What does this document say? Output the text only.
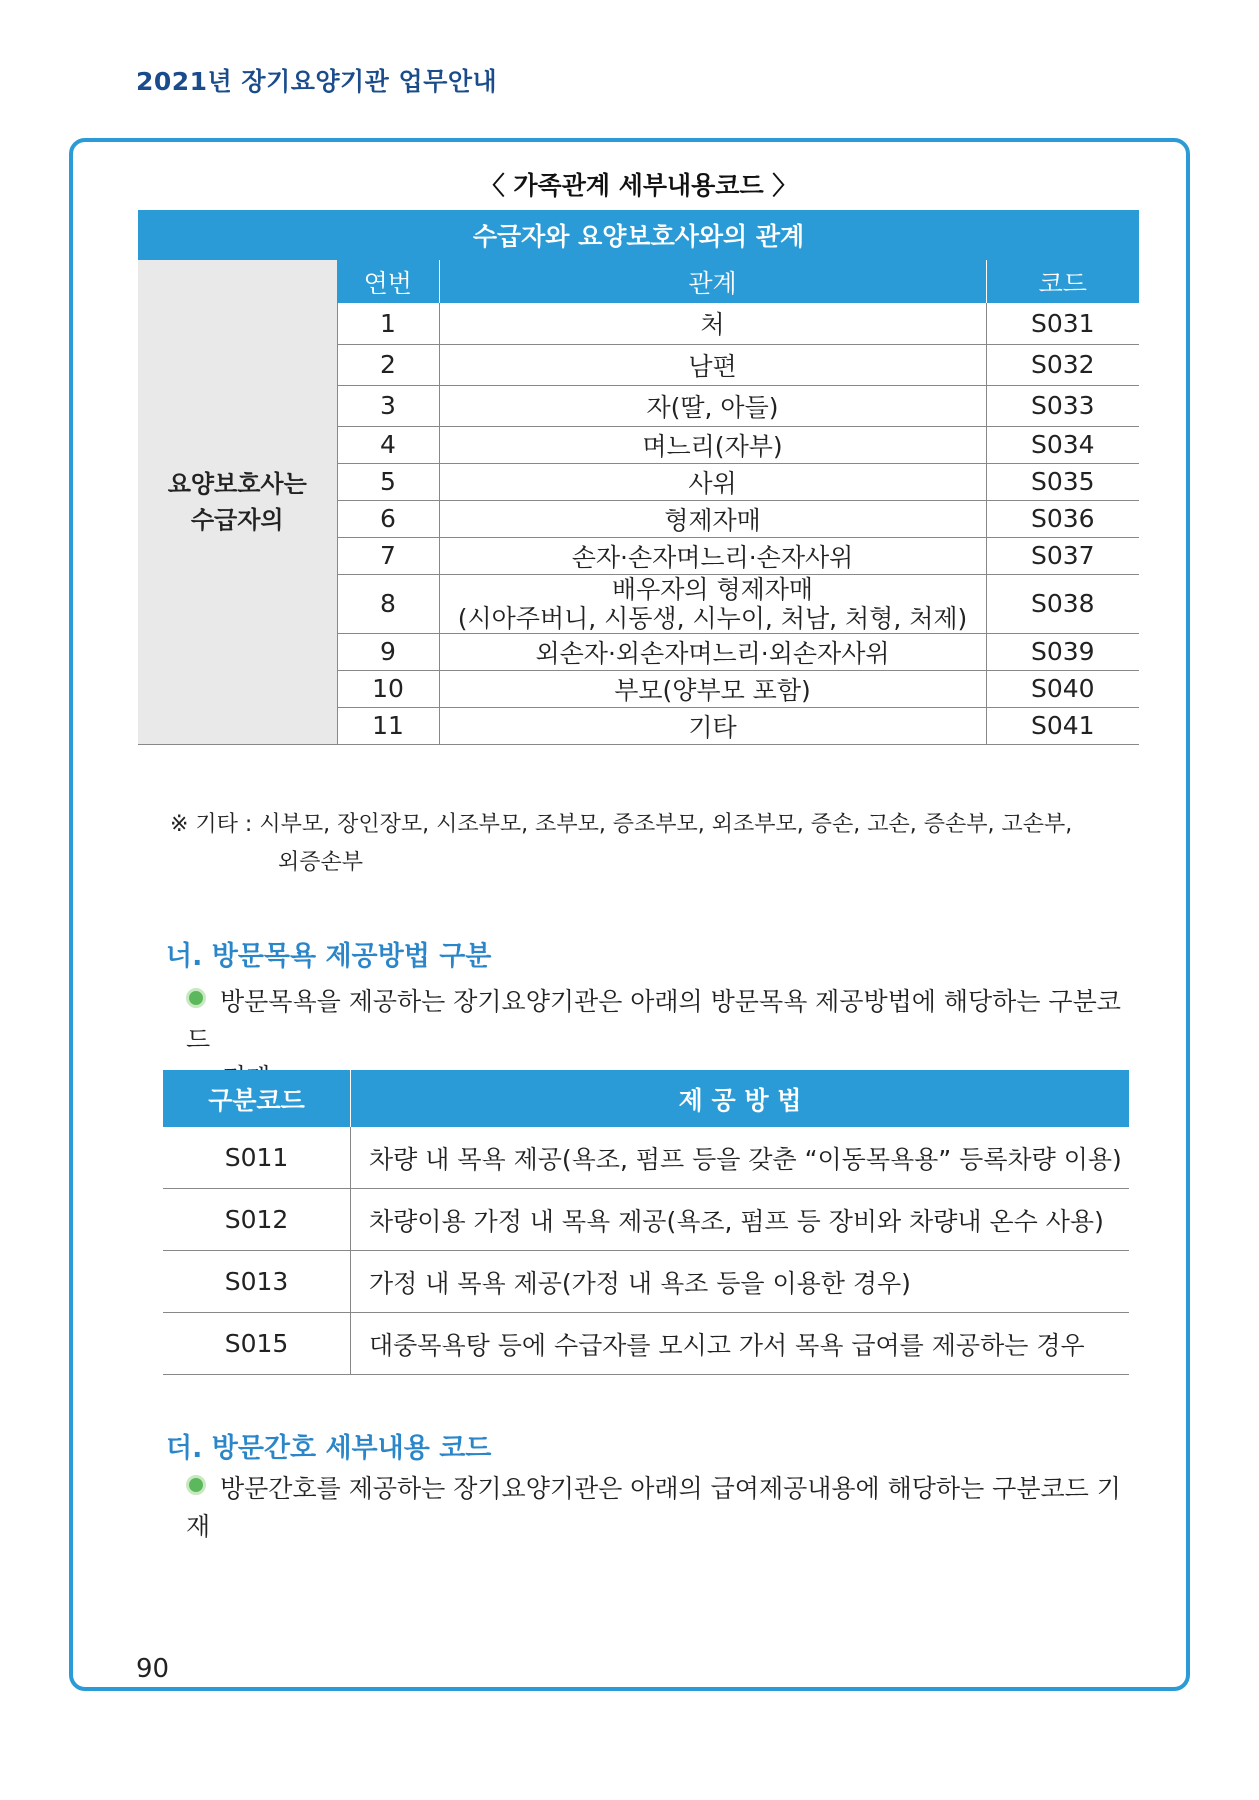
2021년 장기요양기관 업무안내
〈 가족관계 세부내용코드 〉
수급자와 요양보호사와의 관계			
요양보호사는
수급자의	연번	관계	코드
	1	처	S031
	2	남편	S032
	3	자(딸, 아들)	S033
	4	며느리(자부)	S034
	5	사위	S035
	6	형제자매	S036
	7	손자·손자며느리·손자사위	S037
	8	배우자의 형제자매
(시아주버니, 시동생, 시누이, 처남, 처형, 처제)	S038
	9	외손자·외손자며느리·외손자사위	S039
	10	부모(양부모 포함)	S040
	11	기타	S041
※ 기타 : 시부모, 장인장모, 시조부모, 조부모, 증조부모, 외조부모, 증손, 고손, 증손부, 고손부,
외증손부
너. 방문목욕 제공방법 구분
방문목욕을 제공하는 장기요양기관은 아래의 방문목욕 제공방법에 해당하는 구분코드
구분코드	제 공 방 법
S011	차량 내 목욕 제공(욕조, 펌프 등을 갖춘 “이동목욕용” 등록차량 이용)
S012	차량이용 가정 내 목욕 제공(욕조, 펌프 등 장비와 차량내 온수 사용)
S013	가정 내 목욕 제공(가정 내 욕조 등을 이용한 경우)
S015	대중목욕탕 등에 수급자를 모시고 가서 목욕 급여를 제공하는 경우
더. 방문간호 세부내용 코드
방문간호를 제공하는 장기요양기관은 아래의 급여제공내용에 해당하는 구분코드 기재
90
